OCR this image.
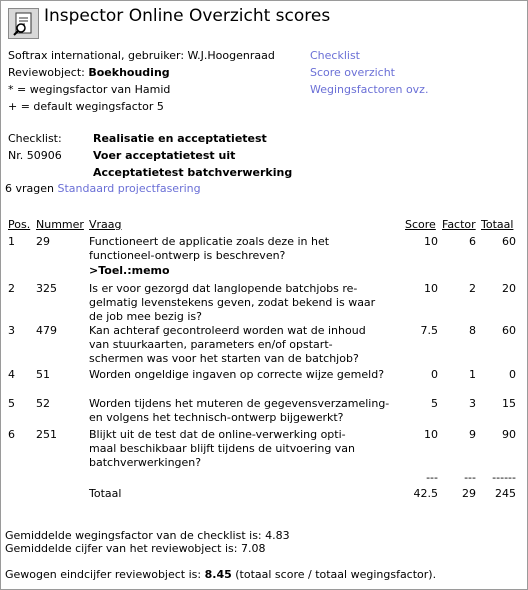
Inspector Online Overzicht scores
Softrax international, gebruiker: W.J.Hoogenraad
Reviewobject: Boekhouding
* = wegingsfactor van Hamid
+ = default wegingsfactor 5
Checklist
Score overzicht
Wegingsfactoren ovz.
Checklist:	Realisatie en acceptatietest
Nr. 50906	Voer acceptatietest uit
Acceptatietest batchverwerking
6 vragen Standaard projectfasering
Pos. Nummer Vraag	Score Factor Totaal
1 29	Functioneert de applicatie zoals deze in het
functioneel-ontwerp is beschreven?
10	6	60
>Toel.:memo
2 325	Is er voor gezorgd dat langlopende batchjobs re-
gelmatig levenstekens geven, zodat bekend is waar
de job mee bezig is?
10	2	20
3 479	Kan achteraf gecontroleerd worden wat de inhoud
van stuurkaarten, parameters en/of opstart-
schermen was voor het starten van de batchjob?
7.5	8	60
4 51	Worden ongeldige ingaven op correcte wijze gemeld?	0	1	0
5 52	Worden tijdens het muteren de gegevensverzameling-
en volgens het technisch-ontwerp bijgewerkt?
5	3	15
6 251	Blijkt uit de test dat de online-verwerking opti-
maal beschikbaar blijft tijdens de uitvoering van
batchverwerkingen?
10	9	90
---	---	------
Totaal	42.5	29	245
Gemiddelde wegingsfactor van de checklist is: 4.83
Gemiddelde cijfer van het reviewobject is: 7.08
Gewogen eindcijfer reviewobject is: 8.45 (totaal score / totaal wegingsfactor).
